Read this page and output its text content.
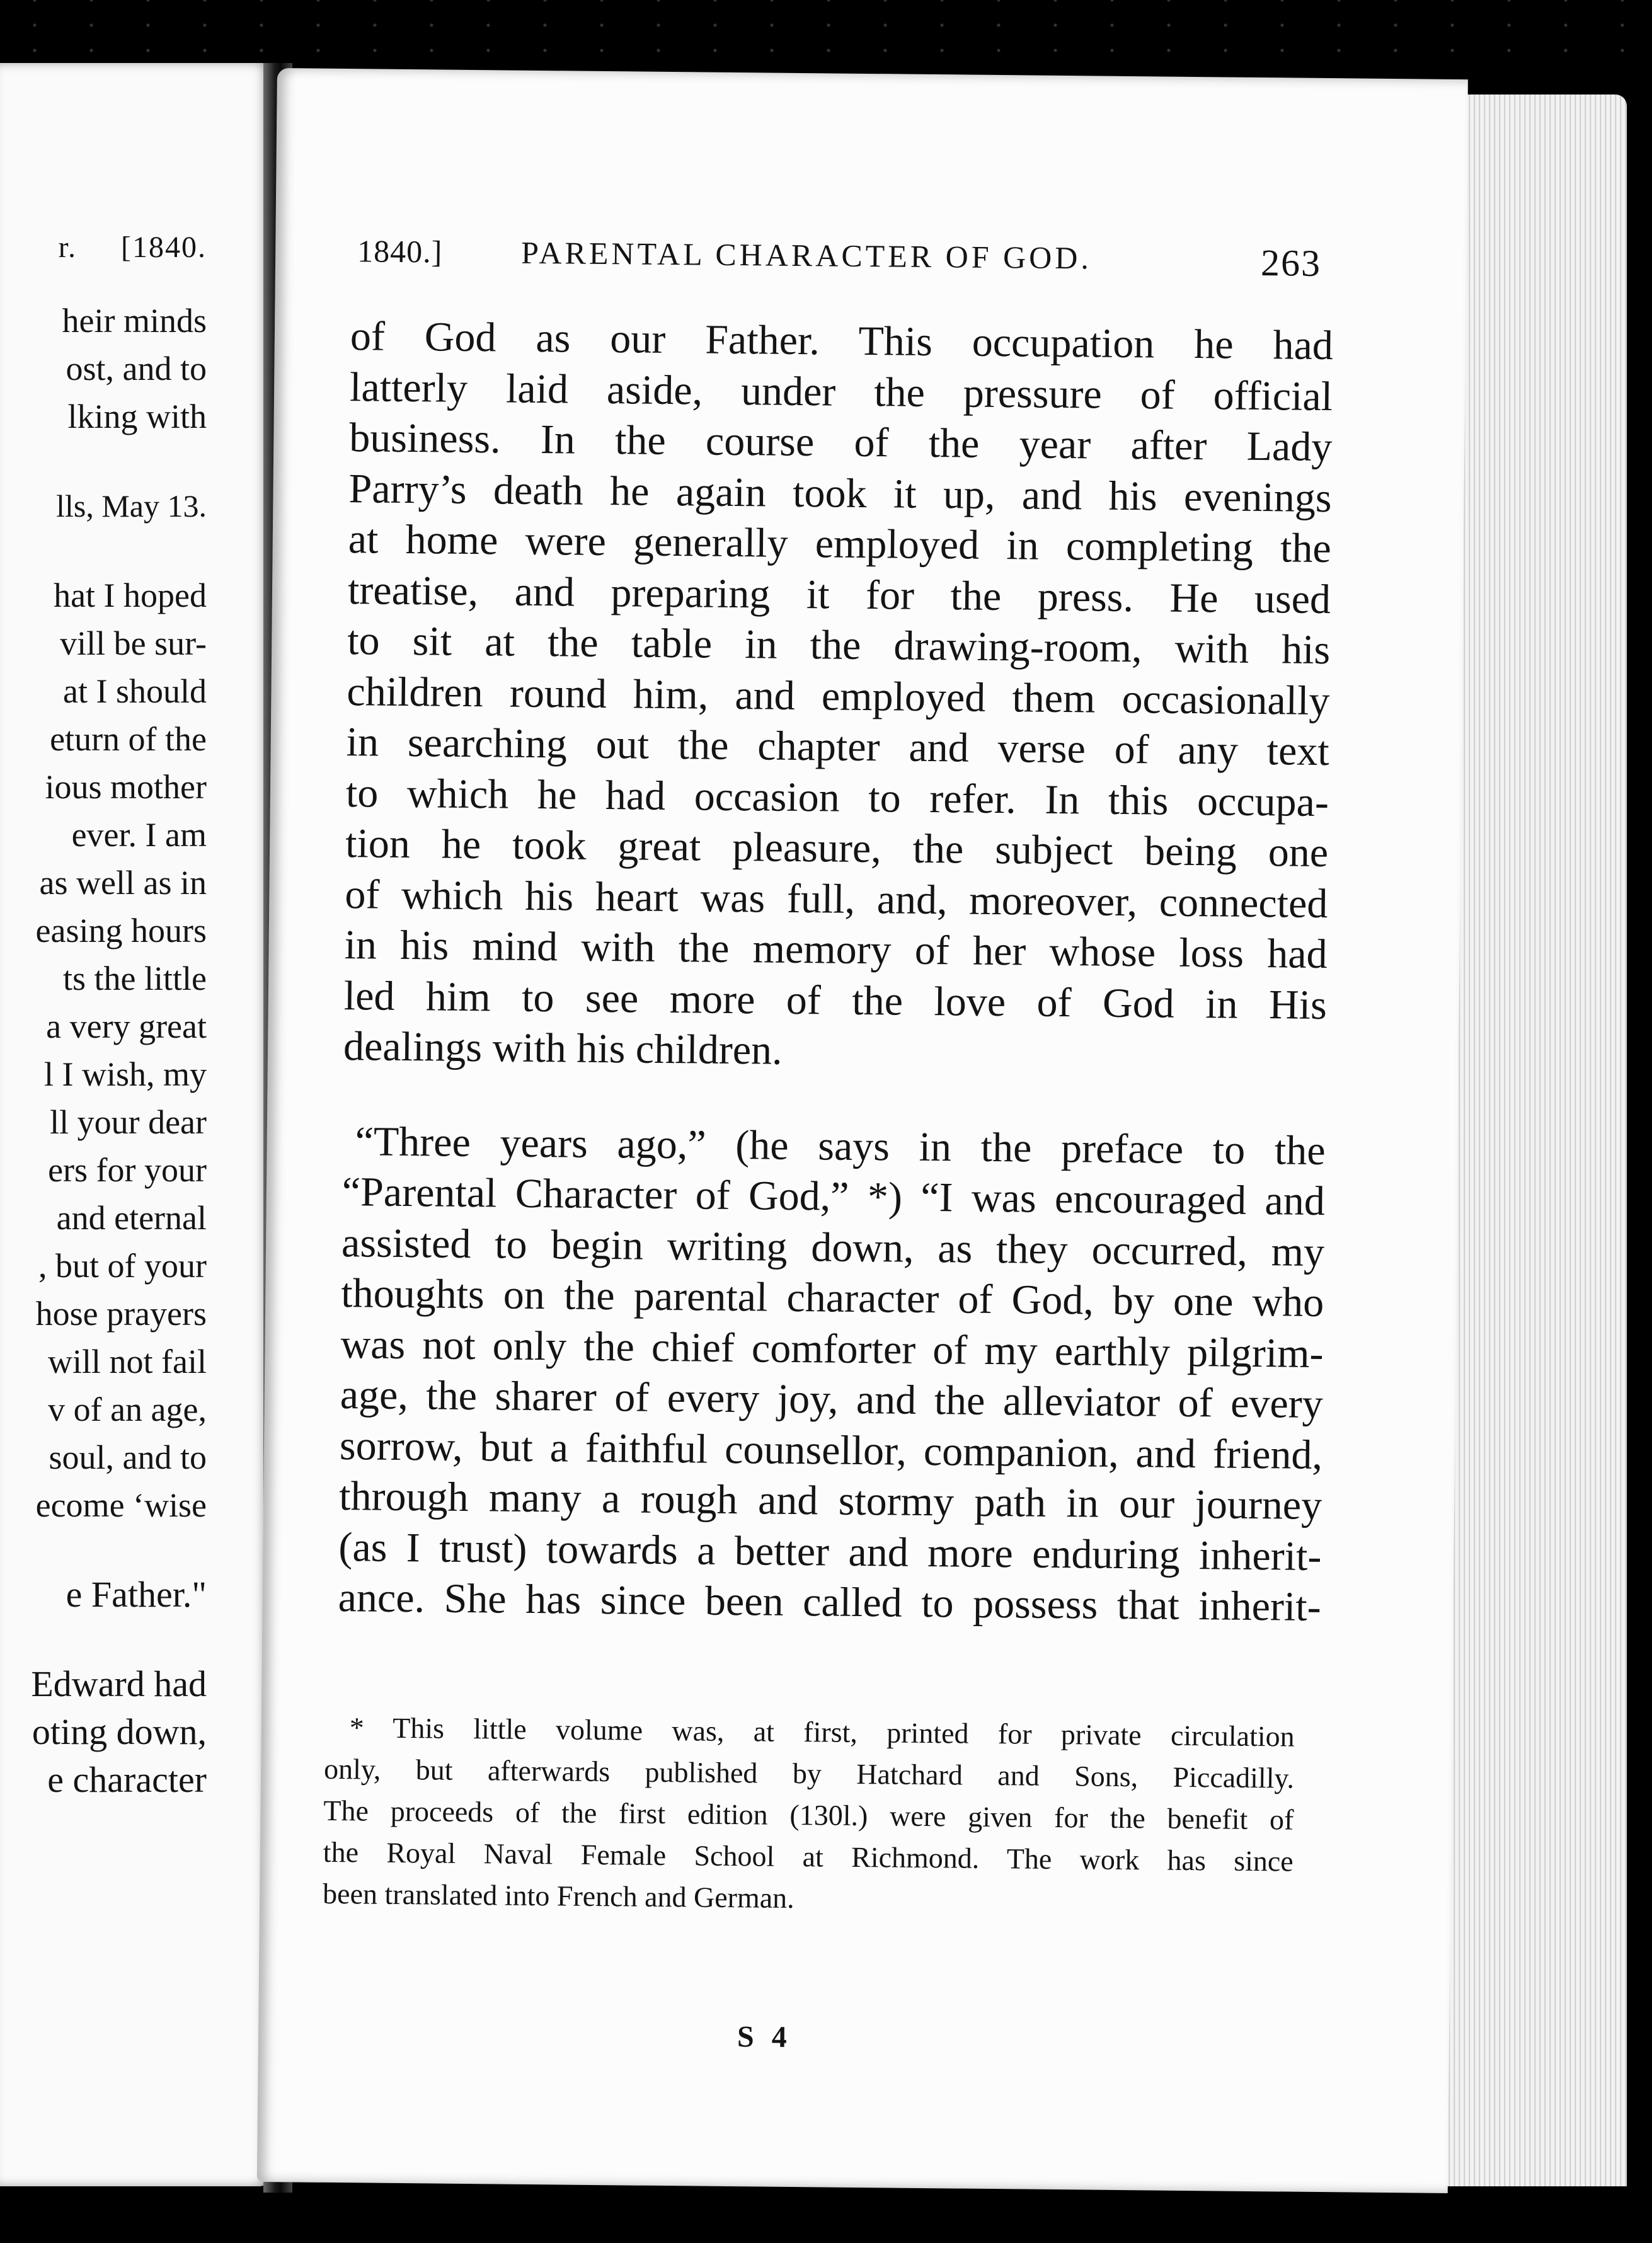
r. [1840.
heir minds
ost, and to
lking with
lls, May 13.
hat I hoped
vill be sur-
at I should
eturn of the
ious mother
ever. I am
as well as in
easing hours
ts the little
a very great
l I wish, my
ll your dear
ers for your
and eternal
, but of your
hose prayers
will not fail
v of an age,
soul, and to
ecome ‘wise
e Father."
Edward had
oting down,
e character
1840.] PARENTAL CHARACTER OF GOD.	263
of God as our Father. This occupation he had
latterly laid aside, under the pressure of official
business. In the course of the year after Lady
Parry’s death he again took it up, and his evenings
at home were generally employed in completing the
treatise, and preparing it for the press. He used
to sit at the table in the drawing-room, with his
children round him, and employed them occasionally
in searching out the chapter and verse of any text
to which he had occasion to refer. In this occupa-
tion he took great pleasure, the subject being one
of which his heart was full, and, moreover, connected
in his mind with the memory of her whose loss had
led him to see more of the love of God in His
dealings with his children.
“Three years ago,” (he says in the preface to the
“Parental Character of God,” *) “I was encouraged and
assisted to begin writing down, as they occurred, my
thoughts on the parental character of God, by one who
was not only the chief comforter of my earthly pilgrim-
age, the sharer of every joy, and the alleviator of every
sorrow, but a faithful counsellor, companion, and friend,
through many a rough and stormy path in our journey
(as I trust) towards a better and more enduring inherit-
ance. She has since been called to possess that inherit-
* This little volume was, at first, printed for private circulation
only, but afterwards published by Hatchard and Sons, Piccadilly.
The proceeds of the first edition (130l.) were given for the benefit of
the Royal Naval Female School at Richmond. The work has since
been translated into French and German.
S 4
